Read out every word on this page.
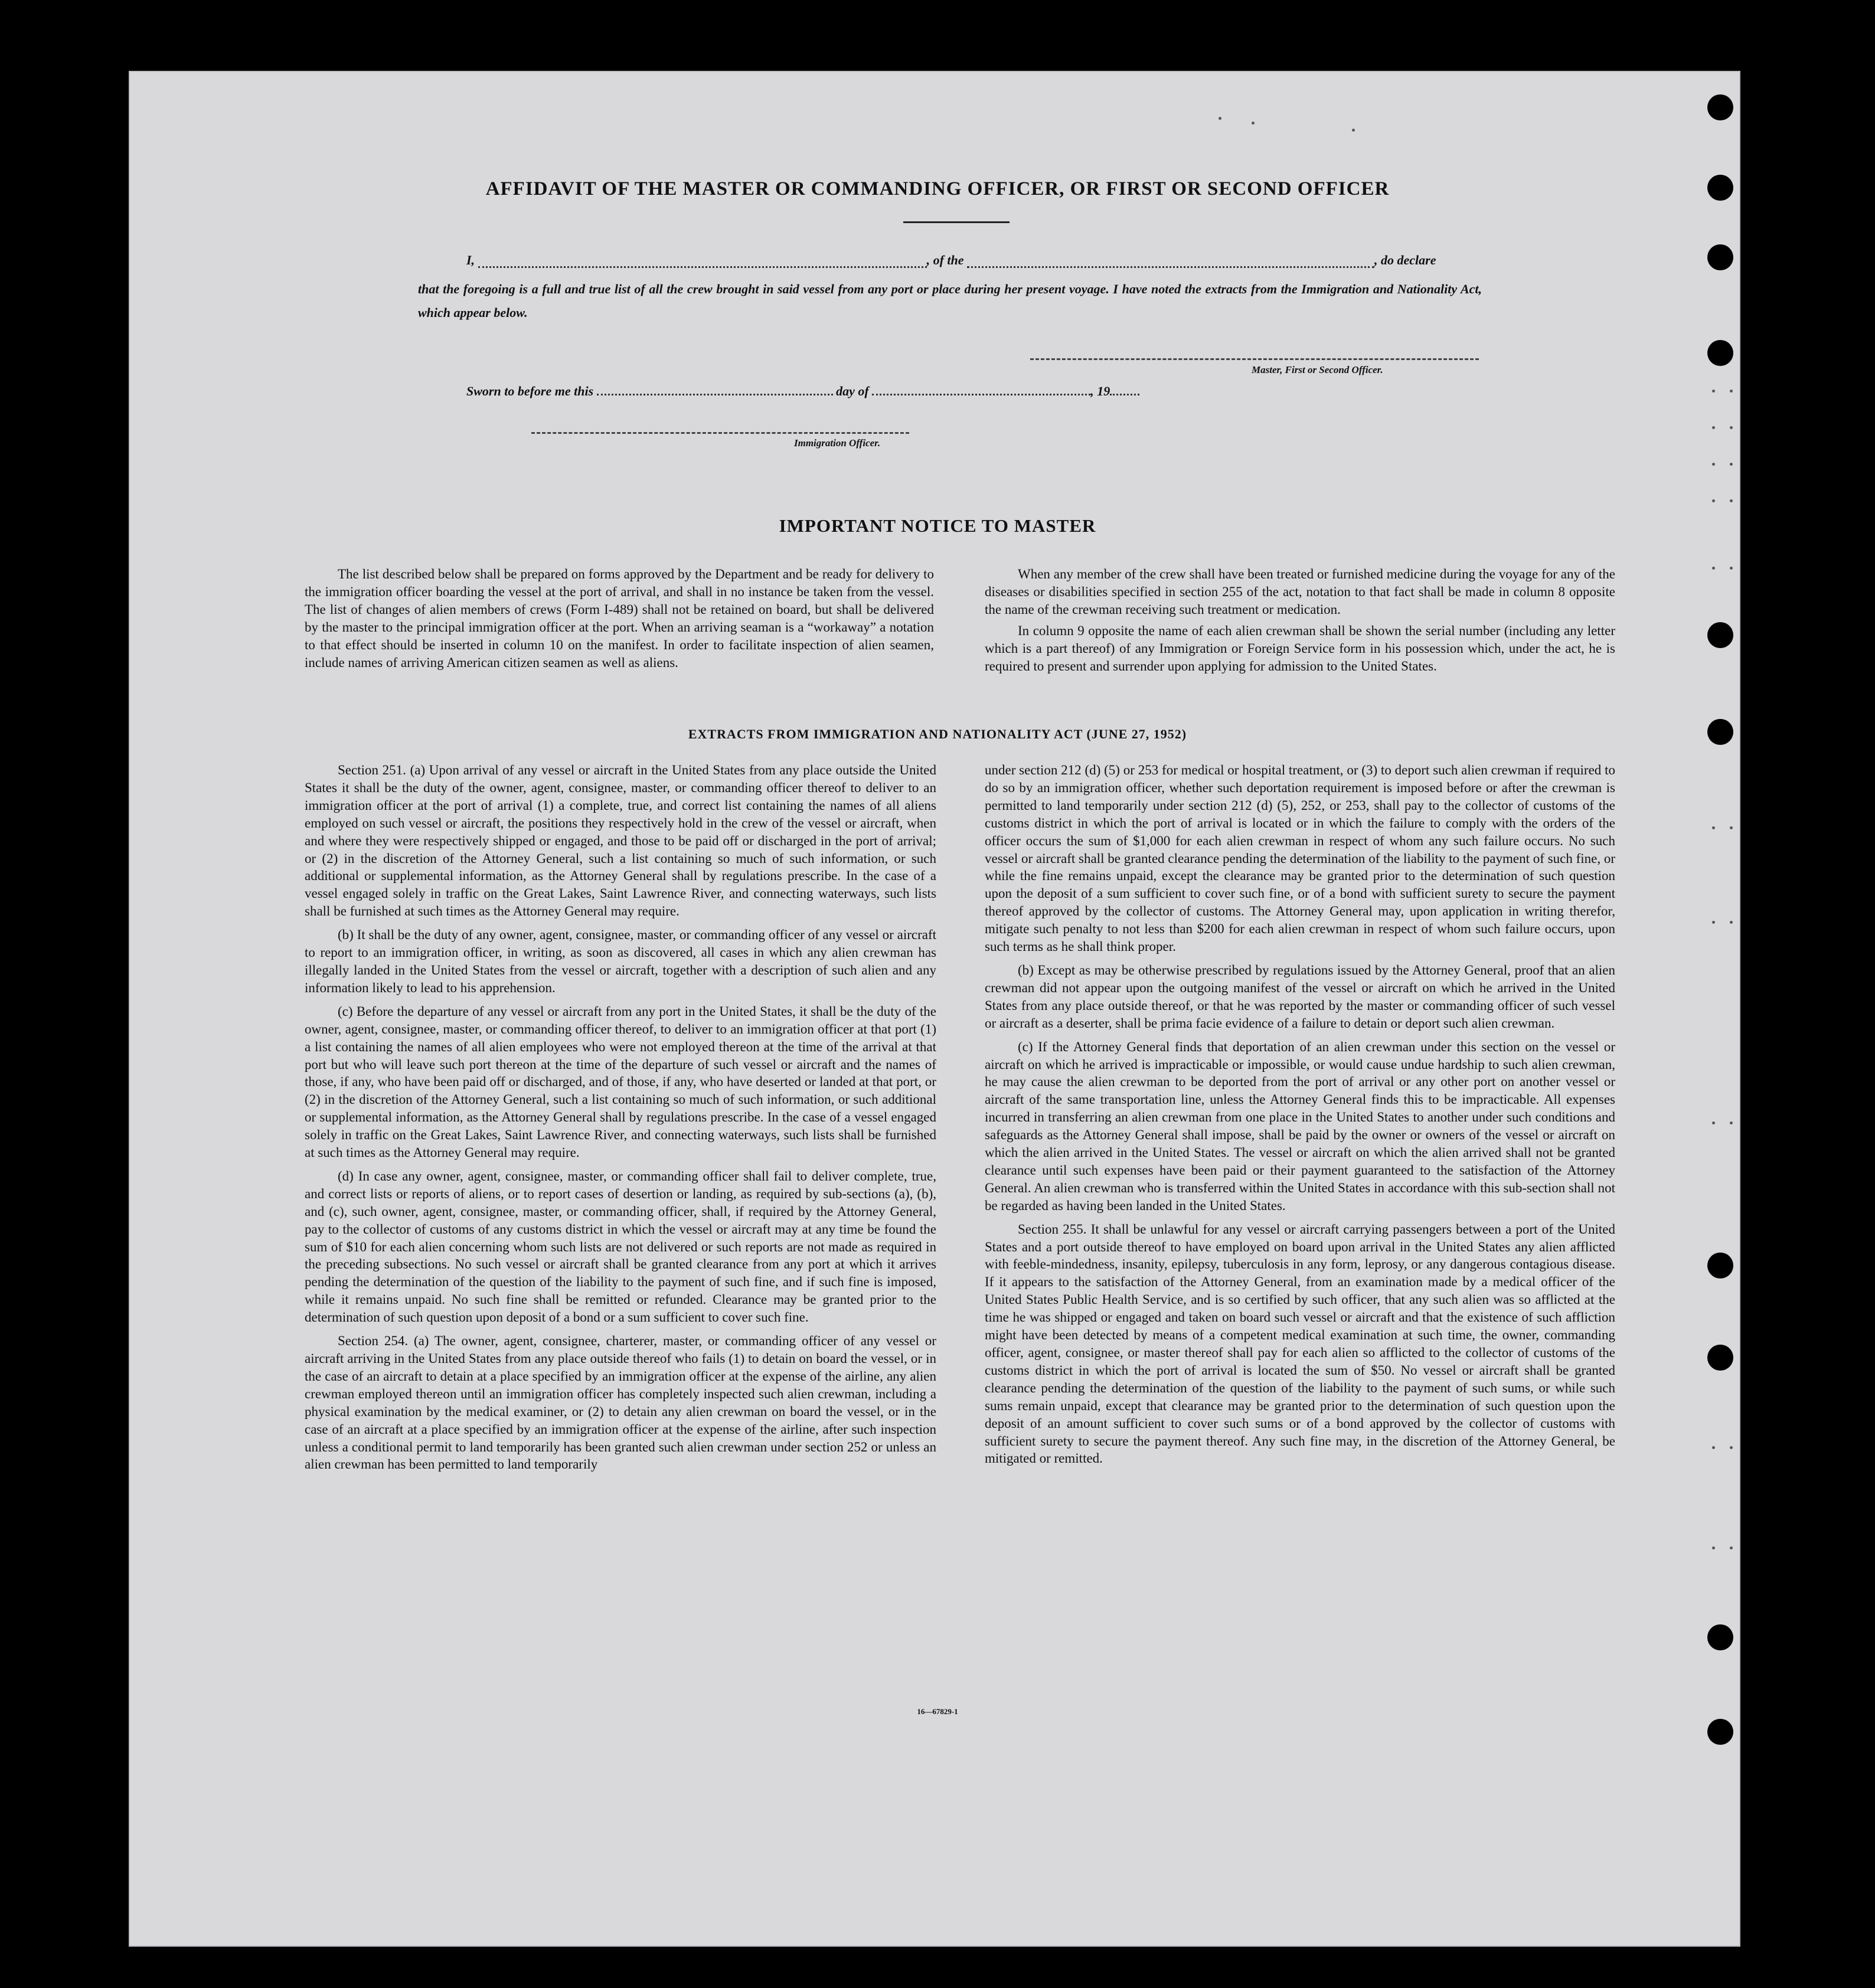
AFFIDAVIT OF THE MASTER OR COMMANDING OFFICER, OR FIRST OR SECOND OFFICER
I,	, of the	, do declare
that the foregoing is a full and true list of all the crew brought in said vessel from any port or place during her present voyage. I have noted the extracts from the Immigration and Nationality Act, which appear below.
Master, First or Second Officer.
Sworn to before me this	day of	, 19
Immigration Officer.
IMPORTANT NOTICE TO MASTER

The list described below shall be prepared on forms approved by the Department and be ready for delivery to the immigration officer boarding the vessel at the port of arrival, and shall in no instance be taken from the vessel. The list of changes of alien members of crews (Form I-489) shall not be retained on board, but shall be delivered by the master to the principal immigration officer at the port. When an arriving seaman is a “workaway” a notation to that effect should be inserted in column 10 on the manifest. In order to facilitate inspection of alien seamen, include names of arriving American citizen seamen as well as aliens.

When any member of the crew shall have been treated or furnished medicine during the voyage for any of the diseases or disabilities specified in section 255 of the act, notation to that fact shall be made in column 8 opposite the name of the crewman receiving such treatment or medication.

In column 9 opposite the name of each alien crewman shall be shown the serial number (including any letter which is a part thereof) of any Immigration or Foreign Service form in his possession which, under the act, he is required to present and surrender upon applying for admission to the United States.

EXTRACTS FROM IMMIGRATION AND NATIONALITY ACT (JUNE 27, 1952)

Section 251. (a) Upon arrival of any vessel or aircraft in the United States from any place outside the United States it shall be the duty of the owner, agent, consignee, master, or commanding officer thereof to deliver to an immigration officer at the port of arrival (1) a complete, true, and correct list containing the names of all aliens employed on such vessel or aircraft, the positions they respectively hold in the crew of the vessel or aircraft, when and where they were respectively shipped or engaged, and those to be paid off or discharged in the port of arrival; or (2) in the discretion of the Attorney General, such a list containing so much of such information, or such additional or supplemental information, as the Attorney General shall by regulations prescribe. In the case of a vessel engaged solely in traffic on the Great Lakes, Saint Lawrence River, and connecting waterways, such lists shall be furnished at such times as the Attorney General may require.

(b) It shall be the duty of any owner, agent, consignee, master, or commanding officer of any vessel or aircraft to report to an immigration officer, in writing, as soon as discovered, all cases in which any alien crewman has illegally landed in the United States from the vessel or aircraft, together with a description of such alien and any information likely to lead to his apprehension.

(c) Before the departure of any vessel or aircraft from any port in the United States, it shall be the duty of the owner, agent, consignee, master, or commanding officer thereof, to deliver to an immigration officer at that port (1) a list containing the names of all alien employees who were not employed thereon at the time of the arrival at that port but who will leave such port thereon at the time of the departure of such vessel or aircraft and the names of those, if any, who have been paid off or discharged, and of those, if any, who have deserted or landed at that port, or (2) in the discretion of the Attorney General, such a list containing so much of such information, or such additional or supplemental information, as the Attorney General shall by regulations prescribe. In the case of a vessel engaged solely in traffic on the Great Lakes, Saint Lawrence River, and connecting waterways, such lists shall be furnished at such times as the Attorney General may require.

(d) In case any owner, agent, consignee, master, or commanding officer shall fail to deliver complete, true, and correct lists or reports of aliens, or to report cases of desertion or landing, as required by sub-sections (a), (b), and (c), such owner, agent, consignee, master, or commanding officer, shall, if required by the Attorney General, pay to the collector of customs of any customs district in which the vessel or aircraft may at any time be found the sum of $10 for each alien concerning whom such lists are not delivered or such reports are not made as required in the preceding subsections. No such vessel or aircraft shall be granted clearance from any port at which it arrives pending the determination of the question of the liability to the payment of such fine, and if such fine is imposed, while it remains unpaid. No such fine shall be remitted or refunded. Clearance may be granted prior to the determination of such question upon deposit of a bond or a sum sufficient to cover such fine.

Section 254. (a) The owner, agent, consignee, charterer, master, or commanding officer of any vessel or aircraft arriving in the United States from any place outside thereof who fails (1) to detain on board the vessel, or in the case of an aircraft to detain at a place specified by an immigration officer at the expense of the airline, any alien crewman employed thereon until an immigration officer has completely inspected such alien crewman, including a physical examination by the medical examiner, or (2) to detain any alien crewman on board the vessel, or in the case of an aircraft at a place specified by an immigration officer at the expense of the airline, after such inspection unless a conditional permit to land temporarily has been granted such alien crewman under section 252 or unless an alien crewman has been permitted to land temporarily

under section 212 (d) (5) or 253 for medical or hospital treatment, or (3) to deport such alien crewman if required to do so by an immigration officer, whether such deportation requirement is imposed before or after the crewman is permitted to land temporarily under section 212 (d) (5), 252, or 253, shall pay to the collector of customs of the customs district in which the port of arrival is located or in which the failure to comply with the orders of the officer occurs the sum of $1,000 for each alien crewman in respect of whom any such failure occurs. No such vessel or aircraft shall be granted clearance pending the determination of the liability to the payment of such fine, or while the fine remains unpaid, except the clearance may be granted prior to the determination of such question upon the deposit of a sum sufficient to cover such fine, or of a bond with sufficient surety to secure the payment thereof approved by the collector of customs. The Attorney General may, upon application in writing therefor, mitigate such penalty to not less than $200 for each alien crewman in respect of whom such failure occurs, upon such terms as he shall think proper.

(b) Except as may be otherwise prescribed by regulations issued by the Attorney General, proof that an alien crewman did not appear upon the outgoing manifest of the vessel or aircraft on which he arrived in the United States from any place outside thereof, or that he was reported by the master or commanding officer of such vessel or aircraft as a deserter, shall be prima facie evidence of a failure to detain or deport such alien crewman.

(c) If the Attorney General finds that deportation of an alien crewman under this section on the vessel or aircraft on which he arrived is impracticable or impossible, or would cause undue hardship to such alien crewman, he may cause the alien crewman to be deported from the port of arrival or any other port on another vessel or aircraft of the same transportation line, unless the Attorney General finds this to be impracticable. All expenses incurred in transferring an alien crewman from one place in the United States to another under such conditions and safeguards as the Attorney General shall impose, shall be paid by the owner or owners of the vessel or aircraft on which the alien arrived in the United States. The vessel or aircraft on which the alien arrived shall not be granted clearance until such expenses have been paid or their payment guaranteed to the satisfaction of the Attorney General. An alien crewman who is transferred within the United States in accordance with this sub-section shall not be regarded as having been landed in the United States.

Section 255. It shall be unlawful for any vessel or aircraft carrying passengers between a port of the United States and a port outside thereof to have employed on board upon arrival in the United States any alien afflicted with feeble-mindedness, insanity, epilepsy, tuberculosis in any form, leprosy, or any dangerous contagious disease. If it appears to the satisfaction of the Attorney General, from an examination made by a medical officer of the United States Public Health Service, and is so certified by such officer, that any such alien was so afflicted at the time he was shipped or engaged and taken on board such vessel or aircraft and that the existence of such affliction might have been detected by means of a competent medical examination at such time, the owner, commanding officer, agent, consignee, or master thereof shall pay for each alien so afflicted to the collector of customs of the customs district in which the port of arrival is located the sum of $50. No vessel or aircraft shall be granted clearance pending the determination of the question of the liability to the payment of such sums, or while such sums remain unpaid, except that clearance may be granted prior to the determination of such question upon the deposit of an amount sufficient to cover such sums or of a bond approved by the collector of customs with sufficient surety to secure the payment thereof. Any such fine may, in the discretion of the Attorney General, be mitigated or remitted.

16—67829-1
